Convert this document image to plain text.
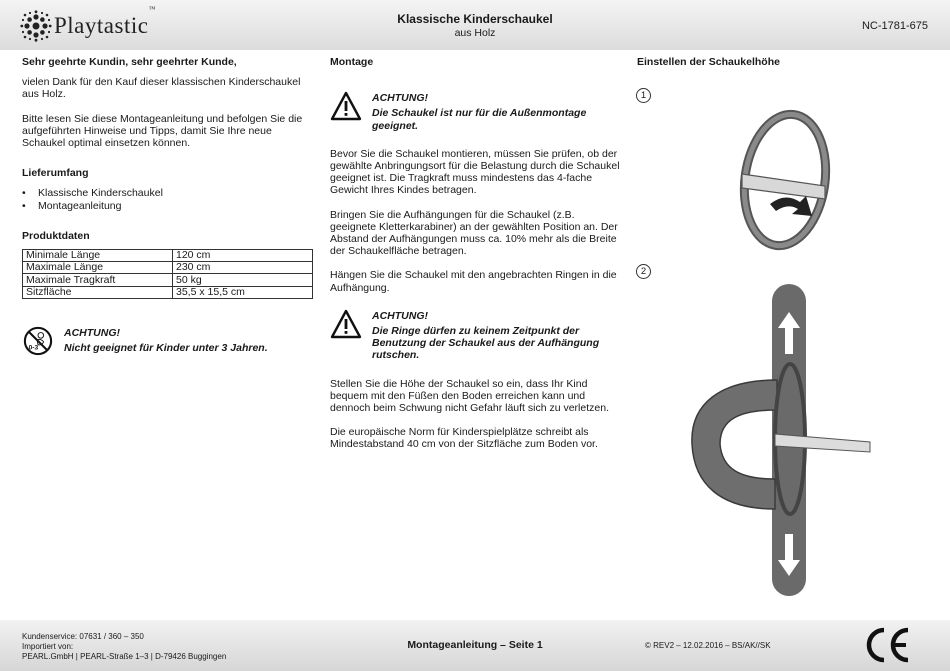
Playtastic™
Klassische Kinderschaukel
aus Holz
NC-1781-675

Sehr geehrte Kundin, sehr geehrter Kunde,

vielen Dank für den Kauf dieser klassischen Kinderschaukel aus Holz.

Bitte lesen Sie diese Montageanleitung und befolgen Sie die aufgeführten Hinweise und Tipps, damit Sie Ihre neue Schaukel optimal einsetzen können.

Lieferumfang

• Klassische Kinderschaukel
• Montageanleitung

Produktdaten

Minimale Länge	120 cm
Maximale Länge	230 cm
Maximale Tragkraft	50 kg
Sitzfläche	35,5 x 15,5 cm
0-3

ACHTUNG!

Nicht geeignet für Kinder unter 3 Jahren.

Montage

ACHTUNG!

Die Schaukel ist nur für die Außenmontage geeignet.

Bevor Sie die Schaukel montieren, müssen Sie prüfen, ob der gewählte Anbringungsort für die Belastung durch die Schaukel geeignet ist. Die Tragkraft muss mindestens das 4-fache Gewicht Ihres Kindes betragen.

Bringen Sie die Aufhängungen für die Schaukel (z.B. geeignete Kletterkarabiner) an der gewählten Position an. Der Abstand der Aufhängungen muss ca. 10% mehr als die Breite der Schaukelfläche betragen.

Hängen Sie die Schaukel mit den angebrachten Ringen in die Aufhängung.

ACHTUNG!

Die Ringe dürfen zu keinem Zeitpunkt der Benutzung der Schaukel aus der Aufhängung rutschen.

Stellen Sie die Höhe der Schaukel so ein, dass Ihr Kind bequem mit den Füßen den Boden erreichen kann und dennoch beim Schwung nicht Gefahr läuft sich zu verletzen.

Die europäische Norm für Kinderspielplätze schreibt als Mindestabstand 40 cm von der Sitzfläche zum Boden vor.

Einstellen der Schaukelhöhe

1
2

Kundenservice: 07631 / 360 – 350

Importiert von:

PEARL.GmbH | PEARL-Straße 1–3 | D-79426 Buggingen

Montageanleitung – Seite 1	© REV2 – 12.02.2016 – BS/AK//SK
